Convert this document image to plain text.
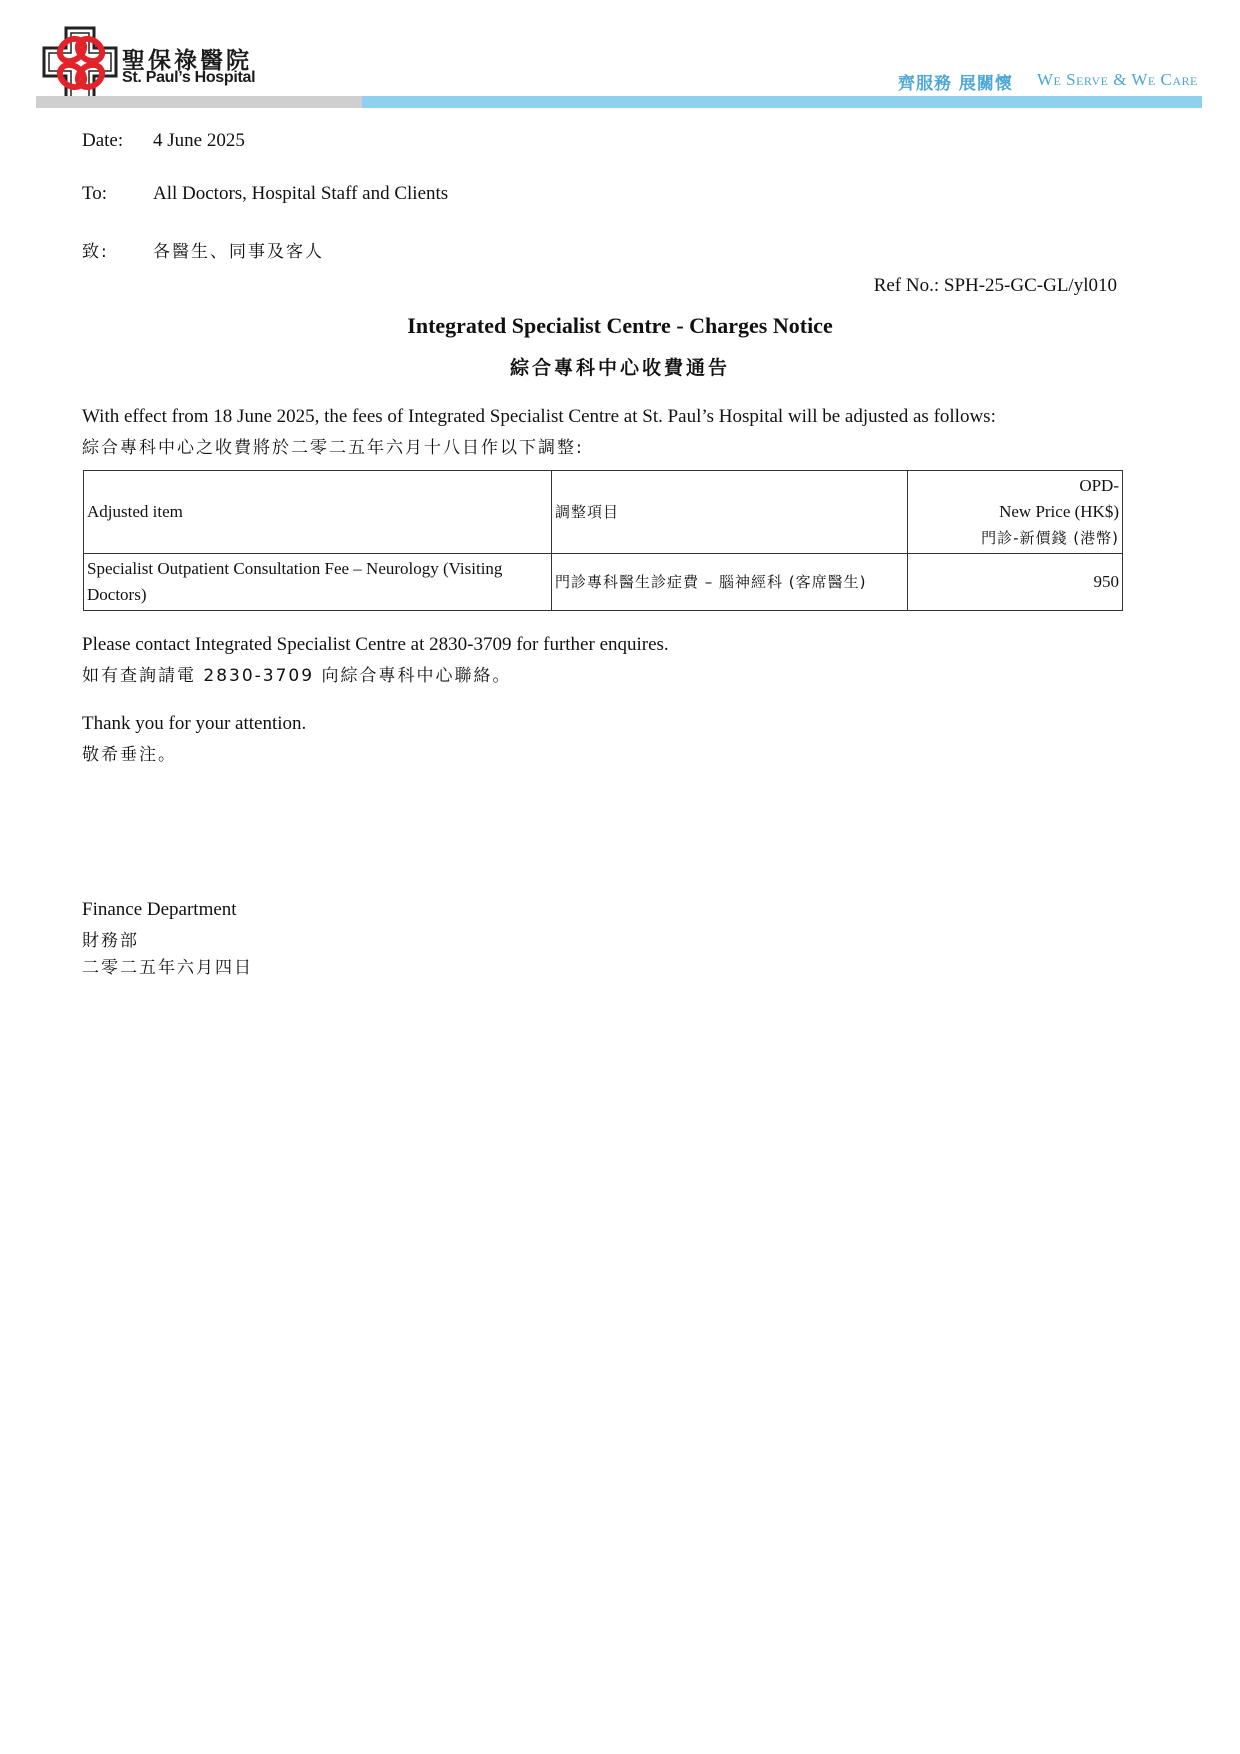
聖保祿醫院
St. Paul’s Hospital	齊服務 展關懷 We Serve & We Care
Date: 4 June 2025
To: All Doctors, Hospital Staff and Clients
致:	各醫生、同事及客人
Ref No.: SPH-25-GC-GL/yl010
Integrated Specialist Centre - Charges Notice
綜合專科中心收費通告
With effect from 18 June 2025, the fees of Integrated Specialist Centre at St. Paul’s Hospital will be adjusted as follows:
綜合專科中心之收費將於二零二五年六月十八日作以下調整:
Adjusted item	調整項目	OPD-
New Price (HK$)
門診-新價錢 (港幣)

Specialist Outpatient Consultation Fee – Neurology (Visiting Doctors)	門診專科醫生診症費 – 腦神經科 (客席醫生)	950
Please contact Integrated Specialist Centre at 2830-3709 for further enquires.
如有查詢請電 2830-3709 向綜合專科中心聯絡。
Thank you for your attention.
敬希垂注。
Finance Department
財務部
二零二五年六月四日
